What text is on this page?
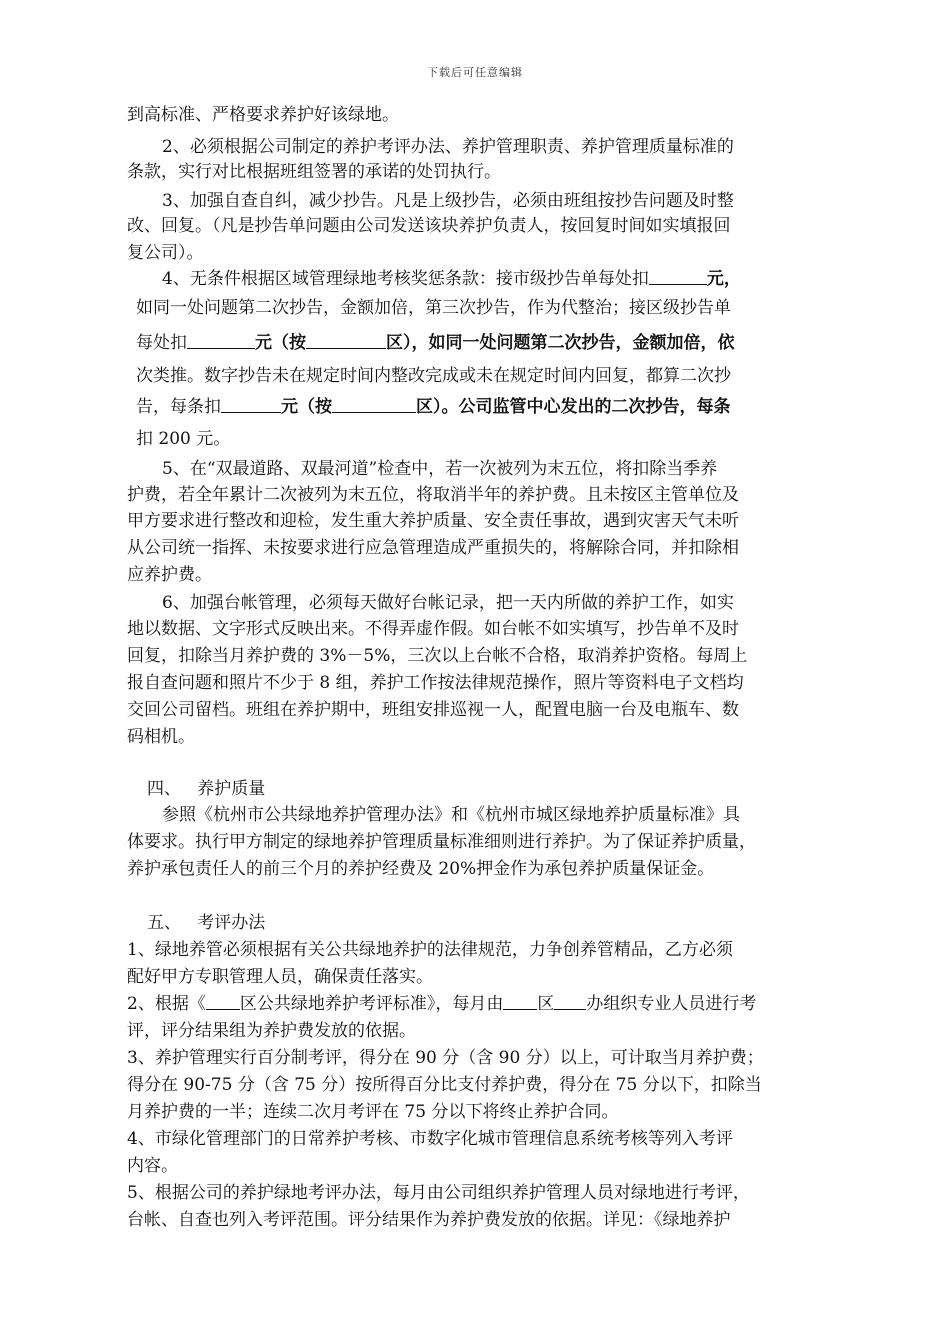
下载后可任意编辑
到高标准、严格要求养护好该绿地。
2、必须根据公司制定的养护考评办法、养护管理职责、养护管理质量标准的
条款，实行对比根据班组签署的承诺的处罚执行。
3、加强自查自纠，减少抄告。凡是上级抄告，必须由班组按抄告问题及时整
改、回复。（凡是抄告单问题由公司发送该块养护负责人，按回复时间如实填报回
复公司）。
4、无条件根据区域管理绿地考核奖惩条款：接市级抄告单每处扣	元，
如同一处问题第二次抄告，金额加倍，第三次抄告，作为代整治；接区级抄告单
每处扣	元（按	区），如同一处问题第二次抄告，金额加倍，依
次类推。数字抄告未在规定时间内整改完成或未在规定时间内回复，都算二次抄
告，每条扣	元（按	区）。公司监管中心发出的二次抄告，每条
扣 200 元。
5、在“双最道路、双最河道”检查中，若一次被列为末五位，将扣除当季养
护费，若全年累计二次被列为末五位，将取消半年的养护费。且未按区主管单位及
甲方要求进行整改和迎检，发生重大养护质量、安全责任事故，遇到灾害天气未听
从公司统一指挥、未按要求进行应急管理造成严重损失的，将解除合同，并扣除相
应养护费。
6、加强台帐管理，必须每天做好台帐记录，把一天内所做的养护工作，如实
地以数据、文字形式反映出来。不得弄虚作假。如台帐不如实填写，抄告单不及时
回复，扣除当月养护费的 3%－5%，三次以上台帐不合格，取消养护资格。每周上
报自查问题和照片不少于 8 组，养护工作按法律规范操作，照片等资料电子文档均
交回公司留档。班组在养护期中，班组安排巡视一人，配置电脑一台及电瓶车、数
码相机。
四、   养护质量
参照《杭州市公共绿地养护管理办法》和《杭州市城区绿地养护质量标准》具
体要求。执行甲方制定的绿地养护管理质量标准细则进行养护。为了保证养护质量，
养护承包责任人的前三个月的养护经费及 20%押金作为承包养护质量保证金。
五、   考评办法
1、绿地养管必须根据有关公共绿地养护的法律规范，力争创养管精品，乙方必须
配好甲方专职管理人员，确保责任落实。
2、根据《 区公共绿地养护考评标准》，每月由 区 办组织专业人员进行考
评，评分结果组为养护费发放的依据。
3、养护管理实行百分制考评，得分在 90 分（含 90 分）以上，可计取当月养护费；
得分在 90-75 分（含 75 分）按所得百分比支付养护费，得分在 75 分以下，扣除当
月养护费的一半；连续二次月考评在 75 分以下将终止养护合同。
4、市绿化管理部门的日常养护考核、市数字化城市管理信息系统考核等列入考评
内容。
5、根据公司的养护绿地考评办法，每月由公司组织养护管理人员对绿地进行考评，
台帐、自查也列入考评范围。评分结果作为养护费发放的依据。详见：《绿地养护
